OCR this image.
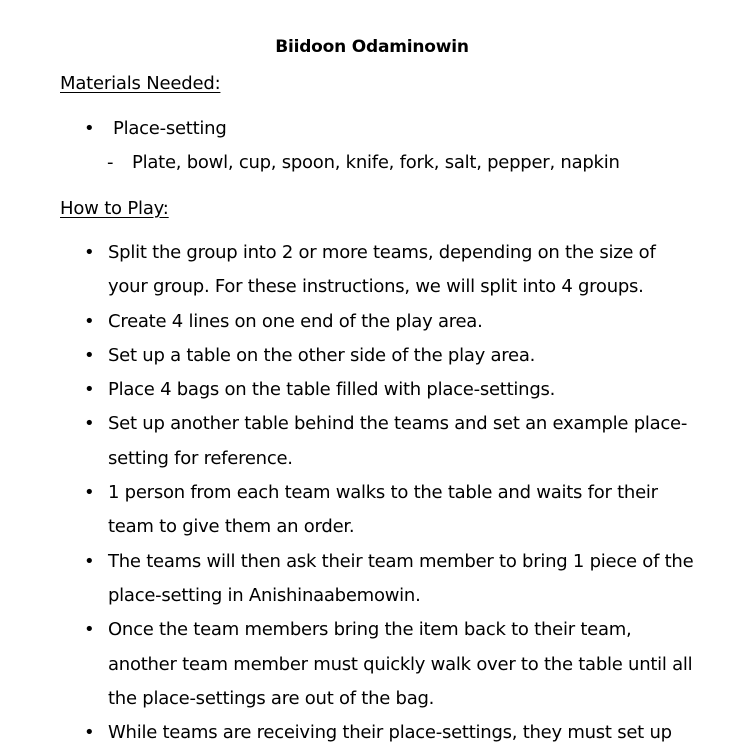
Biidoon Odaminowin
Materials Needed:
• Place-setting
- Plate, bowl, cup, spoon, knife, fork, salt, pepper, napkin
How to Play:
• Split the group into 2 or more teams, depending on the size of your group. For these instructions, we will split into 4 groups.
• Create 4 lines on one end of the play area.
• Set up a table on the other side of the play area.
• Place 4 bags on the table filled with place-settings.
• Set up another table behind the teams and set an example place-setting for reference.
• 1 person from each team walks to the table and waits for their team to give them an order.
• The teams will then ask their team member to bring 1 piece of the place-setting in Anishinaabemowin.
• Once the team members bring the item back to their team, another team member must quickly walk over to the table until all the place-settings are out of the bag.
• While teams are receiving their place-settings, they must set up
